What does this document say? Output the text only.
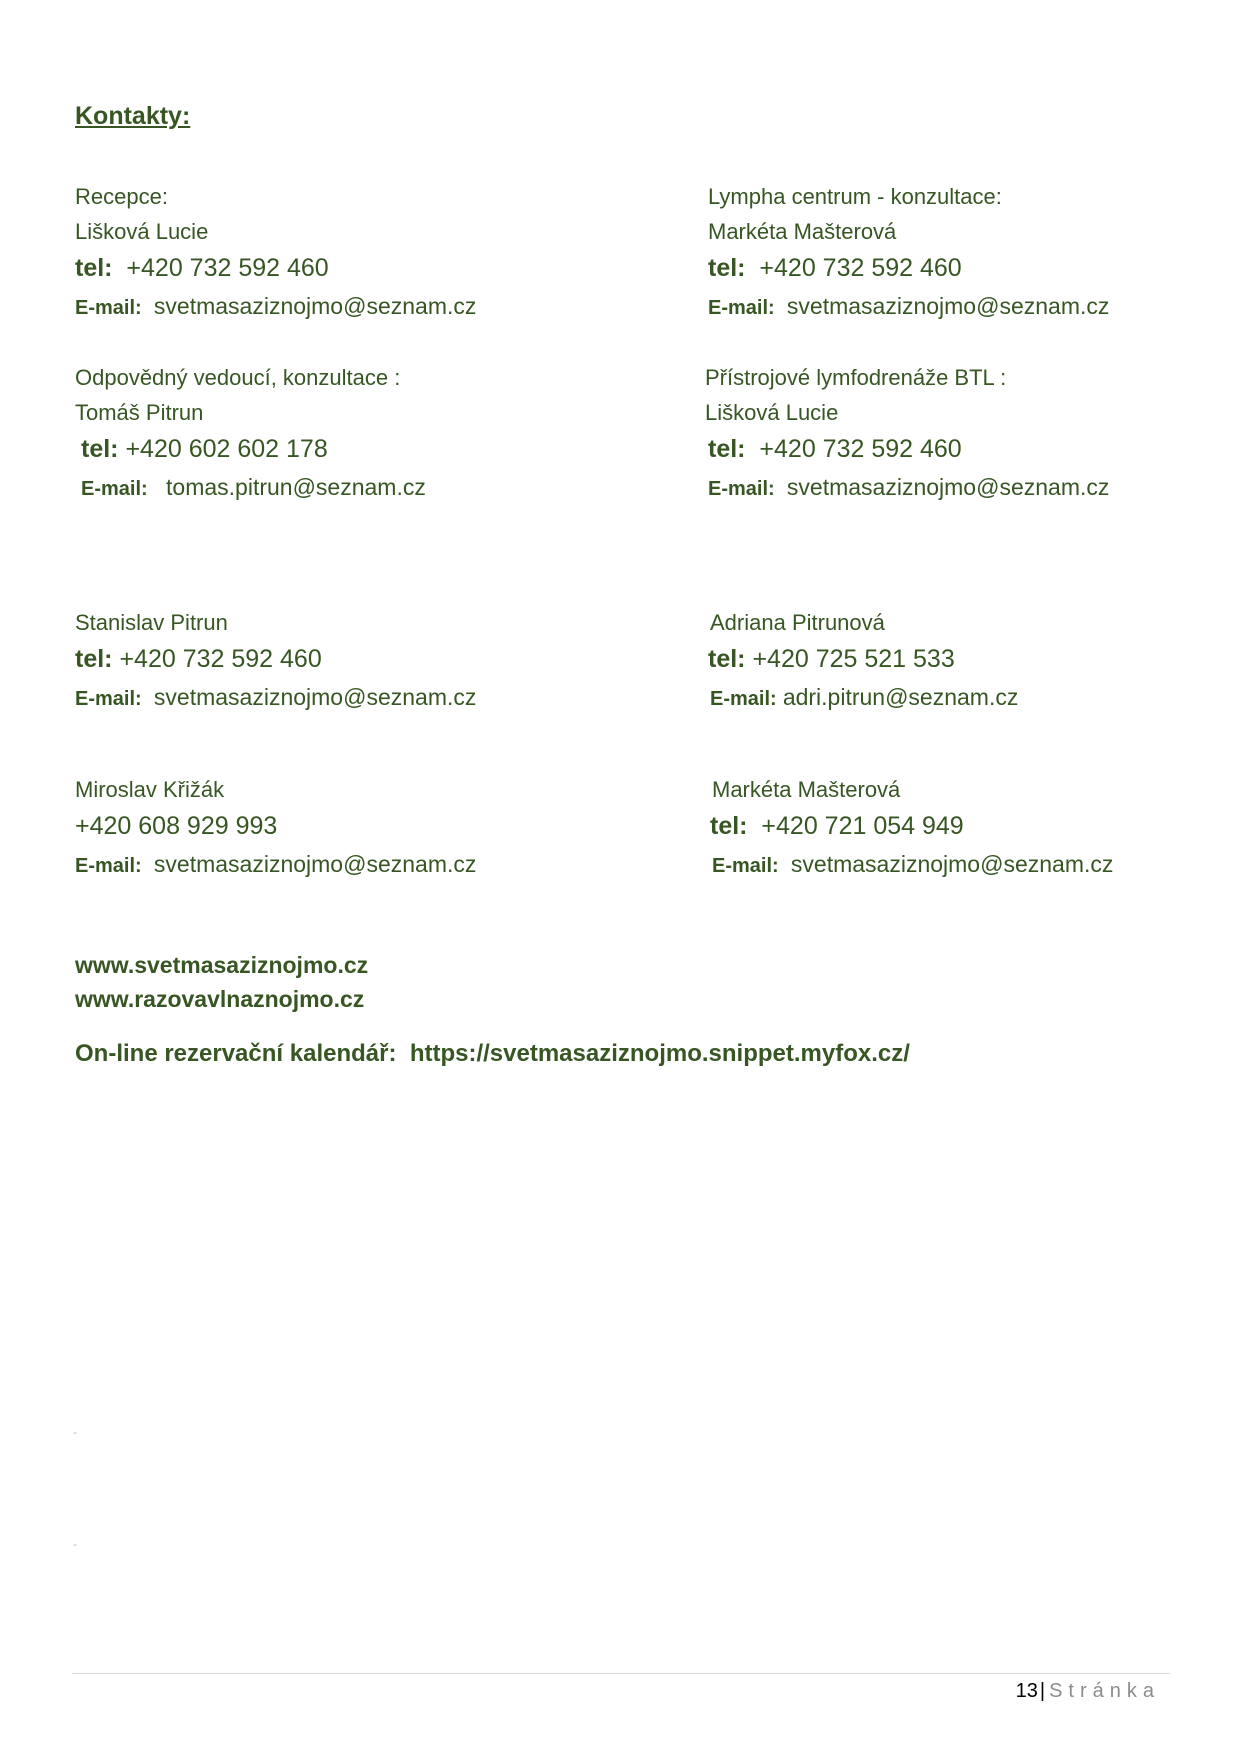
Kontakty:
Recepce:
Lišková Lucie
tel: +420 732 592 460
E-mail: svetmasaziznojmo@seznam.cz
Lympha centrum - konzultace:
Markéta Mašterová
tel: +420 732 592 460
E-mail: svetmasaziznojmo@seznam.cz
Odpovědný vedoucí, konzultace :
Tomáš Pitrun
tel: +420 602 602 178
E-mail: tomas.pitrun@seznam.cz
Přístrojové lymfodrenáže BTL :
Lišková Lucie
tel: +420 732 592 460
E-mail: svetmasaziznojmo@seznam.cz
Stanislav Pitrun
tel: +420 732 592 460
E-mail: svetmasaziznojmo@seznam.cz
Adriana Pitrunová
tel: +420 725 521 533
E-mail: adri.pitrun@seznam.cz
Miroslav Křižák
+420 608 929 993
E-mail: svetmasaziznojmo@seznam.cz
Markéta Mašterová
tel: +420 721 054 949
E-mail: svetmasaziznojmo@seznam.cz
www.svetmasaziznojmo.cz
www.razovavlnaznojmo.cz
On-line rezervační kalendář: https://svetmasaziznojmo.snippet.myfox.cz/
-
-
13 | Stránka
